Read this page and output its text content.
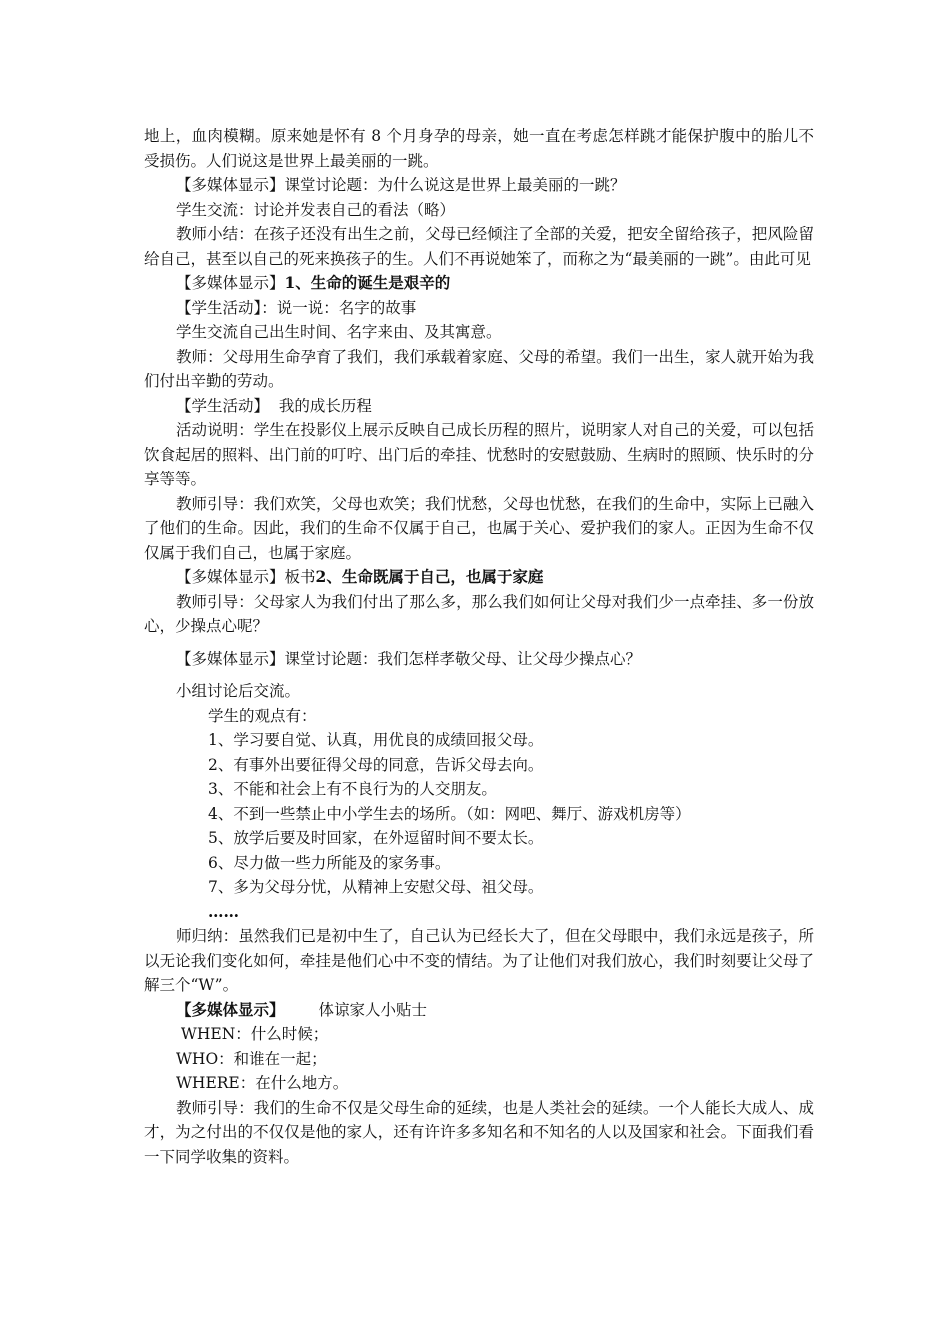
地上，血肉模糊。原来她是怀有 8 个月身孕的母亲，她一直在考虑怎样跳才能保护腹中的胎儿不受损伤。人们说这是世界上最美丽的一跳。

【多媒体显示】课堂讨论题：为什么说这是世界上最美丽的一跳？

学生交流：讨论并发表自己的看法（略）

教师小结：在孩子还没有出生之前，父母已经倾注了全部的关爱，把安全留给孩子，把风险留给自己，甚至以自己的死来换孩子的生。人们不再说她笨了，而称之为“最美丽的一跳”。由此可见

【多媒体显示】1、生命的诞生是艰辛的

【学生活动】：说一说：名字的故事

学生交流自己出生时间、名字来由、及其寓意。

教师：父母用生命孕育了我们，我们承载着家庭、父母的希望。我们一出生，家人就开始为我们付出辛勤的劳动。

【学生活动】  我的成长历程

活动说明：学生在投影仪上展示反映自己成长历程的照片，说明家人对自己的关爱，可以包括饮食起居的照料、出门前的叮咛、出门后的牵挂、忧愁时的安慰鼓励、生病时的照顾、快乐时的分享等等。

教师引导：我们欢笑，父母也欢笑；我们忧愁，父母也忧愁，在我们的生命中，实际上已融入了他们的生命。因此，我们的生命不仅属于自己，也属于关心、爱护我们的家人。正因为生命不仅仅属于我们自己，也属于家庭。

【多媒体显示】板书2、生命既属于自己，也属于家庭

教师引导：父母家人为我们付出了那么多，那么我们如何让父母对我们少一点牵挂、多一份放心，少操点心呢？

【多媒体显示】课堂讨论题：我们怎样孝敬父母、让父母少操点心？

小组讨论后交流。

学生的观点有：

1、学习要自觉、认真，用优良的成绩回报父母。

2、有事外出要征得父母的同意，告诉父母去向。

3、不能和社会上有不良行为的人交朋友。

4、不到一些禁止中小学生去的场所。（如：网吧、舞厅、游戏机房等）

5、放学后要及时回家，在外逗留时间不要太长。

6、尽力做一些力所能及的家务事。

7、多为父母分忧，从精神上安慰父母、祖父母。

……

师归纳：虽然我们已是初中生了，自己认为已经长大了，但在父母眼中，我们永远是孩子，所以无论我们变化如何，牵挂是他们心中不变的情结。为了让他们对我们放心，我们时刻要让父母了解三个“W”。

【多媒体显示】 体谅家人小贴士

WHEN：什么时候；

WHO：和谁在一起；

WHERE：在什么地方。

教师引导：我们的生命不仅是父母生命的延续，也是人类社会的延续。一个人能长大成人、成才，为之付出的不仅仅是他的家人，还有许许多多知名和不知名的人以及国家和社会。下面我们看一下同学收集的资料。
